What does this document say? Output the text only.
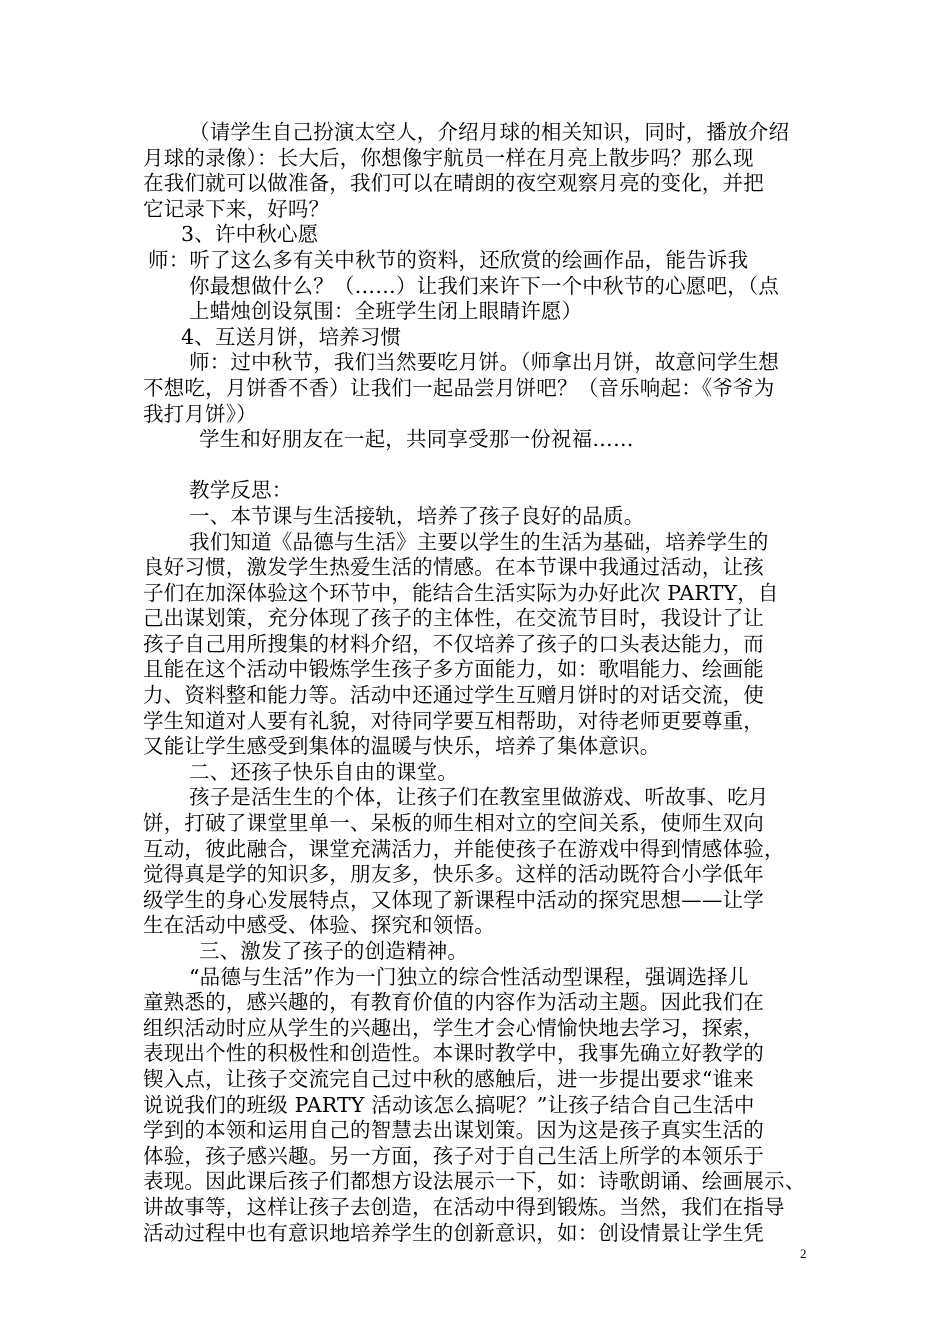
（请学生自己扮演太空人，介绍月球的相关知识，同时，播放介绍
月球的录像）：长大后，你想像宇航员一样在月亮上散步吗？那么现
在我们就可以做准备，我们可以在晴朗的夜空观察月亮的变化，并把
它记录下来，好吗？
3、许中秋心愿
师：听了这么多有关中秋节的资料，还欣赏的绘画作品，能告诉我
你最想做什么？（……）让我们来许下一个中秋节的心愿吧，（点
上蜡烛创设氛围：全班学生闭上眼睛许愿）
4、互送月饼，培养习惯
师：过中秋节，我们当然要吃月饼。（师拿出月饼，故意问学生想
不想吃，月饼香不香）让我们一起品尝月饼吧？（音乐响起：《爷爷为
我打月饼》）
学生和好朋友在一起，共同享受那一份祝福……
教学反思：
一、本节课与生活接轨，培养了孩子良好的品质。
我们知道《品德与生活》主要以学生的生活为基础，培养学生的
良好习惯，激发学生热爱生活的情感。在本节课中我通过活动，让孩
子们在加深体验这个环节中，能结合生活实际为办好此次 PARTY，自
己出谋划策，充分体现了孩子的主体性，在交流节目时，我设计了让
孩子自己用所搜集的材料介绍，不仅培养了孩子的口头表达能力，而
且能在这个活动中锻炼学生孩子多方面能力，如：歌唱能力、绘画能
力、资料整和能力等。活动中还通过学生互赠月饼时的对话交流，使
学生知道对人要有礼貌，对待同学要互相帮助，对待老师更要尊重，
又能让学生感受到集体的温暖与快乐，培养了集体意识。
二、还孩子快乐自由的课堂。
孩子是活生生的个体，让孩子们在教室里做游戏、听故事、吃月
饼，打破了课堂里单一、呆板的师生相对立的空间关系，使师生双向
互动，彼此融合，课堂充满活力，并能使孩子在游戏中得到情感体验，
觉得真是学的知识多，朋友多，快乐多。这样的活动既符合小学低年
级学生的身心发展特点，又体现了新课程中活动的探究思想——让学
生在活动中感受、体验、探究和领悟。
三、激发了孩子的创造精神。
“品德与生活”作为一门独立的综合性活动型课程，强调选择儿
童熟悉的，感兴趣的，有教育价值的内容作为活动主题。因此我们在
组织活动时应从学生的兴趣出，学生才会心情愉快地去学习，探索，
表现出个性的积极性和创造性。本课时教学中，我事先确立好教学的
锲入点，让孩子交流完自己过中秋的感触后，进一步提出要求“谁来
说说我们的班级 PARTY 活动该怎么搞呢？”让孩子结合自己生活中
学到的本领和运用自己的智慧去出谋划策。因为这是孩子真实生活的
体验，孩子感兴趣。另一方面，孩子对于自己生活上所学的本领乐于
表现。因此课后孩子们都想方设法展示一下，如：诗歌朗诵、绘画展示、
讲故事等，这样让孩子去创造，在活动中得到锻炼。当然，我们在指导
活动过程中也有意识地培养学生的创新意识，如：创设情景让学生凭
2
